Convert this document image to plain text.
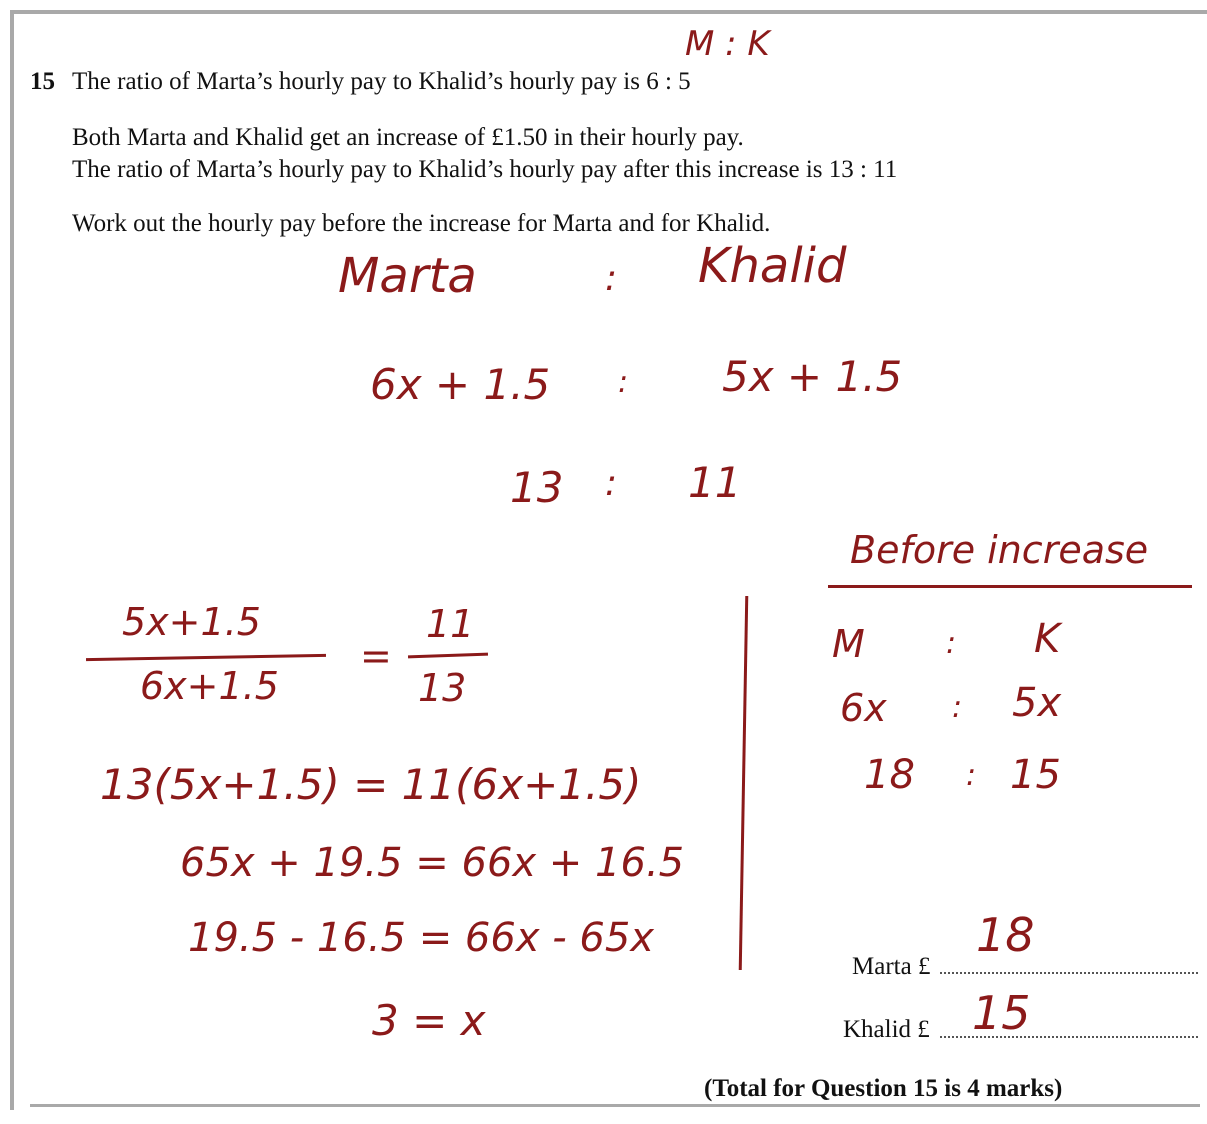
15 The ratio of Marta’s hourly pay to Khalid’s hourly pay is 6 : 5
Both Marta and Khalid get an increase of £1.50 in their hourly pay.
The ratio of Marta’s hourly pay to Khalid’s hourly pay after this increase is 13 : 11
Work out the hourly pay before the increase for Marta and for Khalid.
M : K
Marta	: Khalid
6x + 1.5 : 5x + 1.5
13 : 11
5x+1.5
6x+1.5
=
11
13
13(5x+1.5) = 11(6x+1.5)
65x + 19.5 = 66x + 16.5
19.5 - 16.5 = 66x - 65x
3 = x
Before increase
M	: K
6x : 5x
18 : 15
Marta £
18
Khalid £ 15
(Total for Question 15 is 4 marks)
